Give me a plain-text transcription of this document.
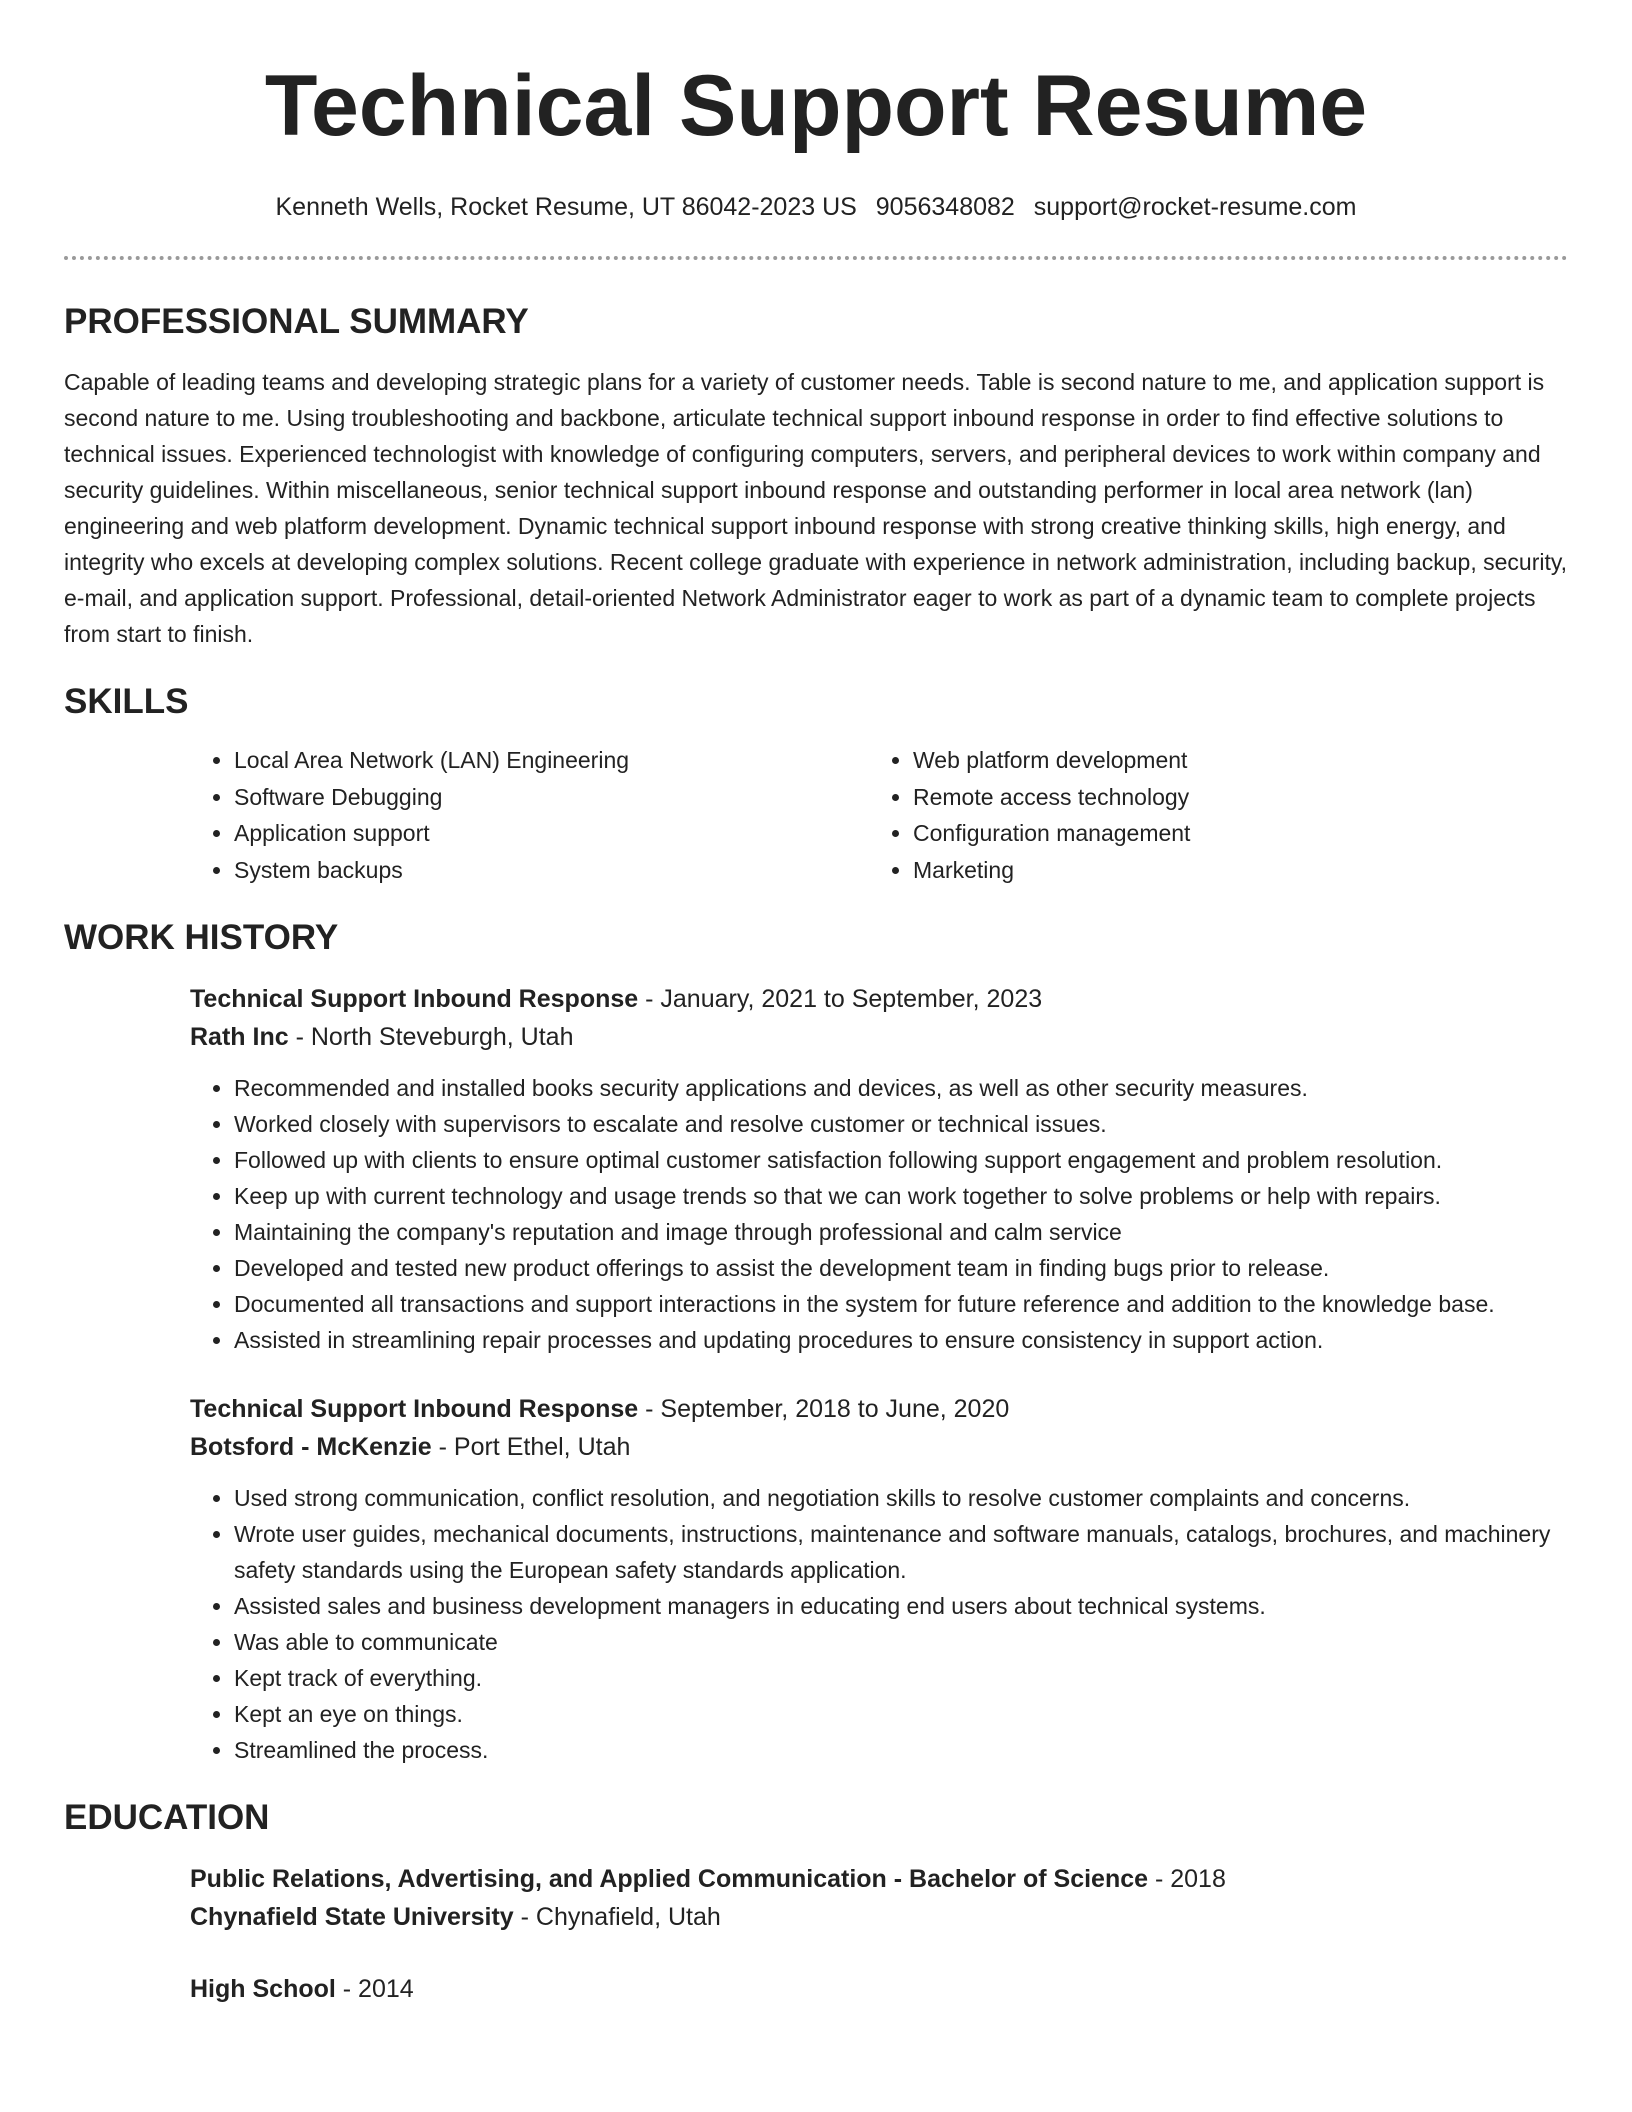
Technical Support Resume
Kenneth Wells, Rocket Resume, UT 86042-2023 US 9056348082 support@rocket-resume.com
PROFESSIONAL SUMMARY

Capable of leading teams and developing strategic plans for a variety of customer needs. Table is second nature to me, and application support is second nature to me. Using troubleshooting and backbone, articulate technical support inbound response in order to find effective solutions to technical issues. Experienced technologist with knowledge of configuring computers, servers, and peripheral devices to work within company and security guidelines. Within miscellaneous, senior technical support inbound response and outstanding performer in local area network (lan) engineering and web platform development. Dynamic technical support inbound response with strong creative thinking skills, high energy, and integrity who excels at developing complex solutions. Recent college graduate with experience in network administration, including backup, security, e-mail, and application support. Professional, detail-oriented Network Administrator eager to work as part of a dynamic team to complete projects from start to finish.

SKILLS
• Local Area Network (LAN) Engineering
• Software Debugging
• Application support
• System backups
• Web platform development
• Remote access technology
• Configuration management
• Marketing
WORK HISTORY

Technical Support Inbound Response - January, 2021 to September, 2023

Rath Inc - North Steveburgh, Utah

• Recommended and installed books security applications and devices, as well as other security measures.
• Worked closely with supervisors to escalate and resolve customer or technical issues.
• Followed up with clients to ensure optimal customer satisfaction following support engagement and problem resolution.
• Keep up with current technology and usage trends so that we can work together to solve problems or help with repairs.
• Maintaining the company's reputation and image through professional and calm service
• Developed and tested new product offerings to assist the development team in finding bugs prior to release.
• Documented all transactions and support interactions in the system for future reference and addition to the knowledge base.
• Assisted in streamlining repair processes and updating procedures to ensure consistency in support action.

Technical Support Inbound Response - September, 2018 to June, 2020

Botsford - McKenzie - Port Ethel, Utah

• Used strong communication, conflict resolution, and negotiation skills to resolve customer complaints and concerns.
• Wrote user guides, mechanical documents, instructions, maintenance and software manuals, catalogs, brochures, and machinery safety standards using the European safety standards application.
• Assisted sales and business development managers in educating end users about technical systems.
• Was able to communicate
• Kept track of everything.
• Kept an eye on things.
• Streamlined the process.
EDUCATION

Public Relations, Advertising, and Applied Communication - Bachelor of Science - 2018

Chynafield State University - Chynafield, Utah

High School - 2014
